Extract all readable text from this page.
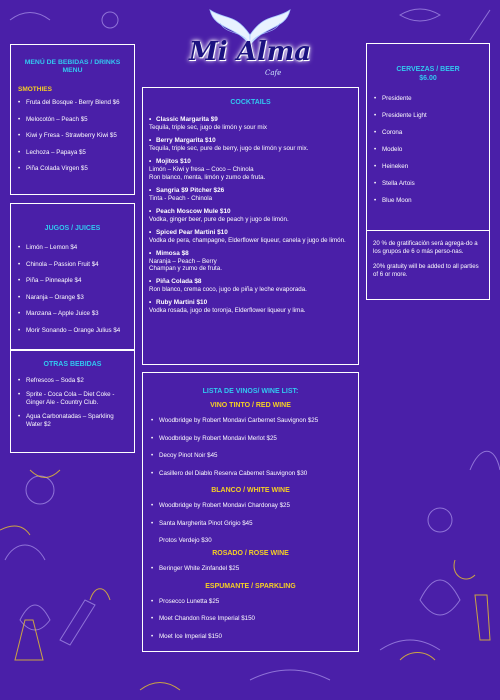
Mi Alma
Cafe
MENÚ DE BEBIDAS / DRINKS MENU
SMOTHIES
• Fruta del Bosque - Berry Blend $6
• Melocotón – Peach $5
• Kiwi y Fresa - Strawberry Kiwi $5
• Lechoza – Papaya $5
• Piña Colada Virgen $5
JUGOS / JUICES
• Limón – Lemon $4
• Chinola – Passion Fruit $4
• Piña – Pinneaple $4
• Naranja – Orange $3
• Manzana – Apple Juice $3
• Morir Sonando – Orange Julius $4
OTRAS BEBIDAS
• Refrescos – Soda $2
• Sprite - Coca Cola – Diet Coke - Ginger Ale - Country Club.
• Agua Carbonatadas – Sparkling Water $2
COCKTAILS
• Classic Margarita $9
Tequila, triple sec, jugo de limón y sour mix
• Berry Margarita $10
Tequila, triple sec, pure de berry, jugo de limón y sour mix.
• Mojitos $10
Limón – Kiwi y fresa – Coco – Chinola
Ron blanco, menta, limón y zumo de fruta.
• Sangria $9 Pitcher $26
Tinta - Peach - Chinola
• Peach Moscow Mule $10
Vodka, ginger beer, pure de peach y jugo de limón.
• Spiced Pear Martini $10
Vodka de pera, champagne, Elderflower liqueur, canela y jugo de limón.
• Mimosa $8
Naranja – Peach – Berry
Champan y zumo de fruta.
• Piña Colada $8
Ron blanco, crema coco, jugo de piña y leche evaporada.
• Ruby Martini $10
Vodka rosada, jugo de toronja, Elderflower liqueur y lima.
LISTA DE VINOS/ WINE LIST:
VINO TINTO / RED WINE
• Woodbridge by Robert Mondavi Carbernet Sauvignon $25
• Woodbridge by Robert Mondavi Merlot $25
• Decoy Pinot Noir $45
• Casillero del Diablo Reserva Cabernet Sauvignon $30
BLANCO / WHITE WINE
• Woodbridge by Robert Mondavi Chardonay $25
• Santa Margherita Pinot Grigio $45
Protos Verdejo $30
ROSADO / ROSE WINE
• Beringer White Zinfandel $25
ESPUMANTE / SPARKLING
• Prosecco Lunetta $25
• Moet Chandon Rose Imperial $150
• Moet Ice Imperial $150
CERVEZAS / BEER
$6.00
• Presidente
• Presidente Light
• Corona
• Modelo
• Heineken
• Stella Artois
• Blue Moon

20 % de gratificación será agrega-do a los grupos de 6 o más perso-nas.

20% gratuity will be added to all parties of 6 or more.
